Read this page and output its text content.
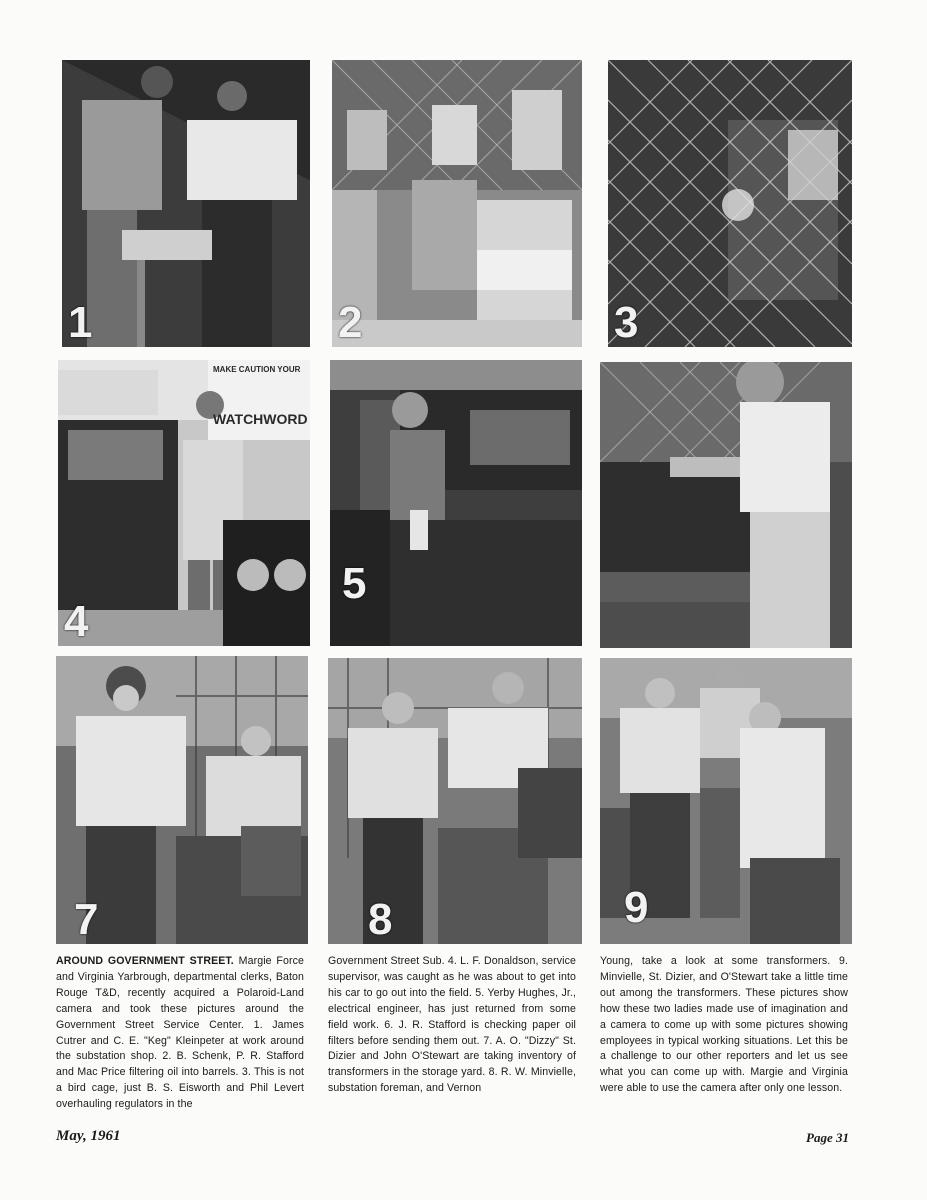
1	2	3
4
MAKE CAUTION YOUR
WATCHWORD
5
7	8	9
AROUND GOVERNMENT STREET. Margie Force and Virginia Yarbrough, departmental clerks, Baton Rouge T&D, recently acquired a Polaroid-Land camera and took these pictures around the Government Street Service Center. 1. James Cutrer and C. E. "Keg" Kleinpeter at work around the substation shop. 2. B. Schenk, P. R. Stafford and Mac Price filtering oil into barrels. 3. This is not a bird cage, just B. S. Eisworth and Phil Levert overhauling regulators in the
Government Street Sub. 4. L. F. Donaldson, service supervisor, was caught as he was about to get into his car to go out into the field. 5. Yerby Hughes, Jr., electrical engineer, has just returned from some field work. 6. J. R. Stafford is checking paper oil filters before sending them out. 7. A. O. "Dizzy" St. Dizier and John O'Stewart are taking inventory of transformers in the storage yard. 8. R. W. Minvielle, substation foreman, and Vernon
Young, take a look at some transformers. 9. Minvielle, St. Dizier, and O'Stewart take a little time out among the transformers. These pictures show how these two ladies made use of imagination and a camera to come up with some pictures showing employees in typical working situations. Let this be a challenge to our other reporters and let us see what you can come up with. Margie and Virginia were able to use the camera after only one lesson.
May, 1961	Page 31
